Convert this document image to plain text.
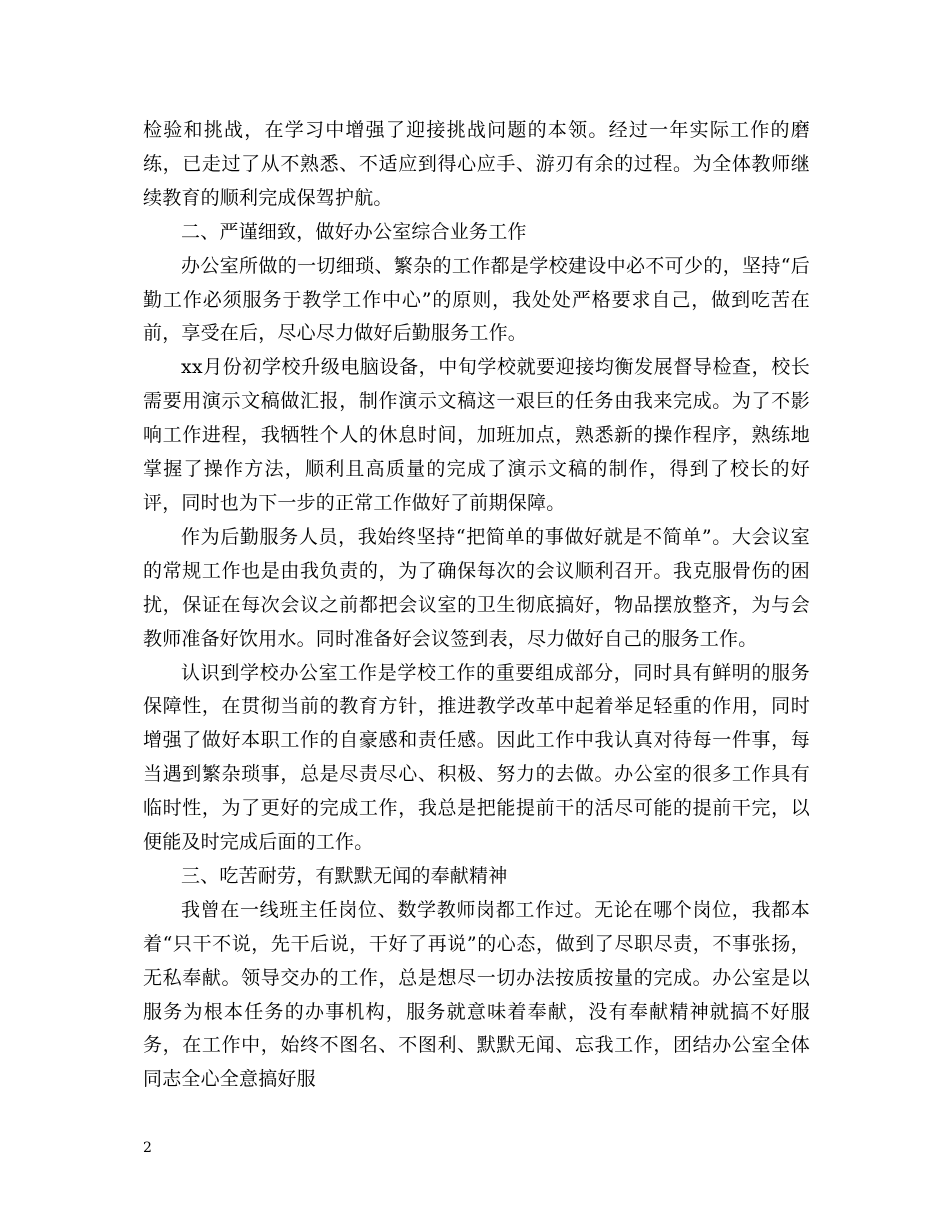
检验和挑战，在学习中增强了迎接挑战问题的本领。经过一年实际工作的磨练，已走过了从不熟悉、不适应到得心应手、游刃有余的过程。为全体教师继续教育的顺利完成保驾护航。

二、严谨细致，做好办公室综合业务工作

办公室所做的一切细琐、繁杂的工作都是学校建设中必不可少的，坚持“后勤工作必须服务于教学工作中心”的原则，我处处严格要求自己，做到吃苦在前，享受在后，尽心尽力做好后勤服务工作。

xx月份初学校升级电脑设备，中旬学校就要迎接均衡发展督导检查，校长需要用演示文稿做汇报，制作演示文稿这一艰巨的任务由我来完成。为了不影响工作进程，我牺牲个人的休息时间，加班加点，熟悉新的操作程序，熟练地掌握了操作方法，顺利且高质量的完成了演示文稿的制作，得到了校长的好评，同时也为下一步的正常工作做好了前期保障。

作为后勤服务人员，我始终坚持“把简单的事做好就是不简单”。大会议室的常规工作也是由我负责的，为了确保每次的会议顺利召开。我克服骨伤的困扰，保证在每次会议之前都把会议室的卫生彻底搞好，物品摆放整齐，为与会教师准备好饮用水。同时准备好会议签到表，尽力做好自己的服务工作。

认识到学校办公室工作是学校工作的重要组成部分，同时具有鲜明的服务保障性，在贯彻当前的教育方针，推进教学改革中起着举足轻重的作用，同时增强了做好本职工作的自豪感和责任感。因此工作中我认真对待每一件事，每当遇到繁杂琐事，总是尽责尽心、积极、努力的去做。办公室的很多工作具有临时性，为了更好的完成工作，我总是把能提前干的活尽可能的提前干完，以便能及时完成后面的工作。

三、吃苦耐劳，有默默无闻的奉献精神

我曾在一线班主任岗位、数学教师岗都工作过。无论在哪个岗位，我都本着“只干不说，先干后说，干好了再说”的心态，做到了尽职尽责，不事张扬，无私奉献。领导交办的工作，总是想尽一切办法按质按量的完成。办公室是以服务为根本任务的办事机构，服务就意味着奉献，没有奉献精神就搞不好服务，在工作中，始终不图名、不图利、默默无闻、忘我工作，团结办公室全体同志全心全意搞好服

2
